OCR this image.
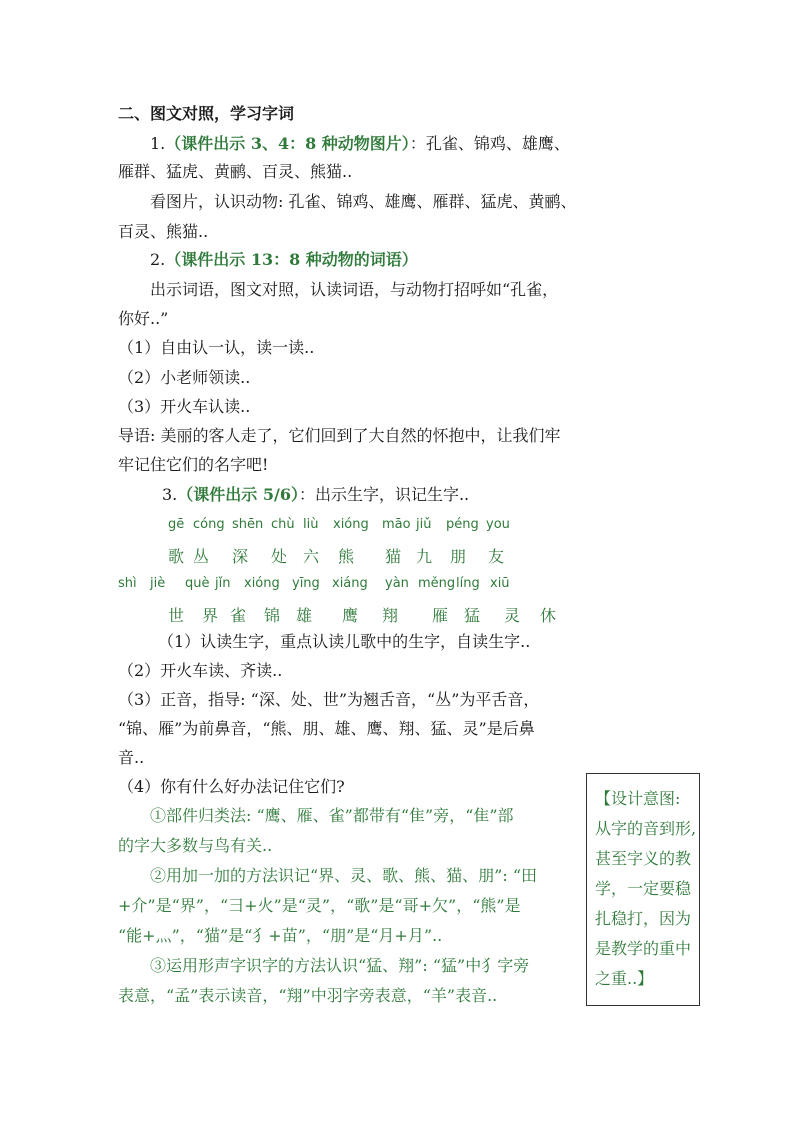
二、图文对照，学习字词
1.（课件出示 3、4：8 种动物图片）：孔雀、锦鸡、雄鹰、
雁群、猛虎、黄鹂、百灵、熊猫..
看图片，认识动物: 孔雀、锦鸡、雄鹰、雁群、猛虎、黄鹂、
百灵、熊猫..
2.（课件出示 13：8 种动物的词语）
出示词语，图文对照，认读词语，与动物打招呼如“孔雀，
你好..”
（1）自由认一认，读一读..
（2）小老师领读..
（3）开火车认读..
导语: 美丽的客人走了，它们回到了大自然的怀抱中，让我们牢
牢记住它们的名字吧!
3.（课件出示 5/6）：出示生字，识记生字..
gē cóng shēn chù liù xióng māo jiǔ péng you
歌 丛 深 处 六 熊 猫 九 朋 友
shì jiè què jǐn xióng yīng xiáng yàn měng líng xiū
世 界 雀 锦 雄 鹰 翔 雁 猛 灵 休
（1）认读生字，重点认读儿歌中的生字，自读生字..
（2）开火车读、齐读..
（3）正音，指导: “深、处、世”为翘舌音，“丛”为平舌音，
“锦、雁”为前鼻音，“熊、朋、雄、鹰、翔、猛、灵”是后鼻
音..
（4）你有什么好办法记住它们?
①部件归类法: “鹰、雁、雀”都带有“隹”旁，“隹”部
的字大多数与鸟有关..
②用加一加的方法识记“界、灵、歌、熊、猫、朋”: “田
+介”是“界”，“彐+火”是“灵”，“歌”是“哥+欠”，“熊”是
“能+灬”，“猫”是“犭+苗”，“朋”是“月+月”..
③运用形声字识字的方法认识“猛、翔”: “猛”中犭字旁
表意，“孟”表示读音，“翔”中羽字旁表意，“羊”表音..
【设计意图:
从字的音到形,
甚至字义的教
学，一定要稳
扎稳打，因为
是教学的重中
之重..】
